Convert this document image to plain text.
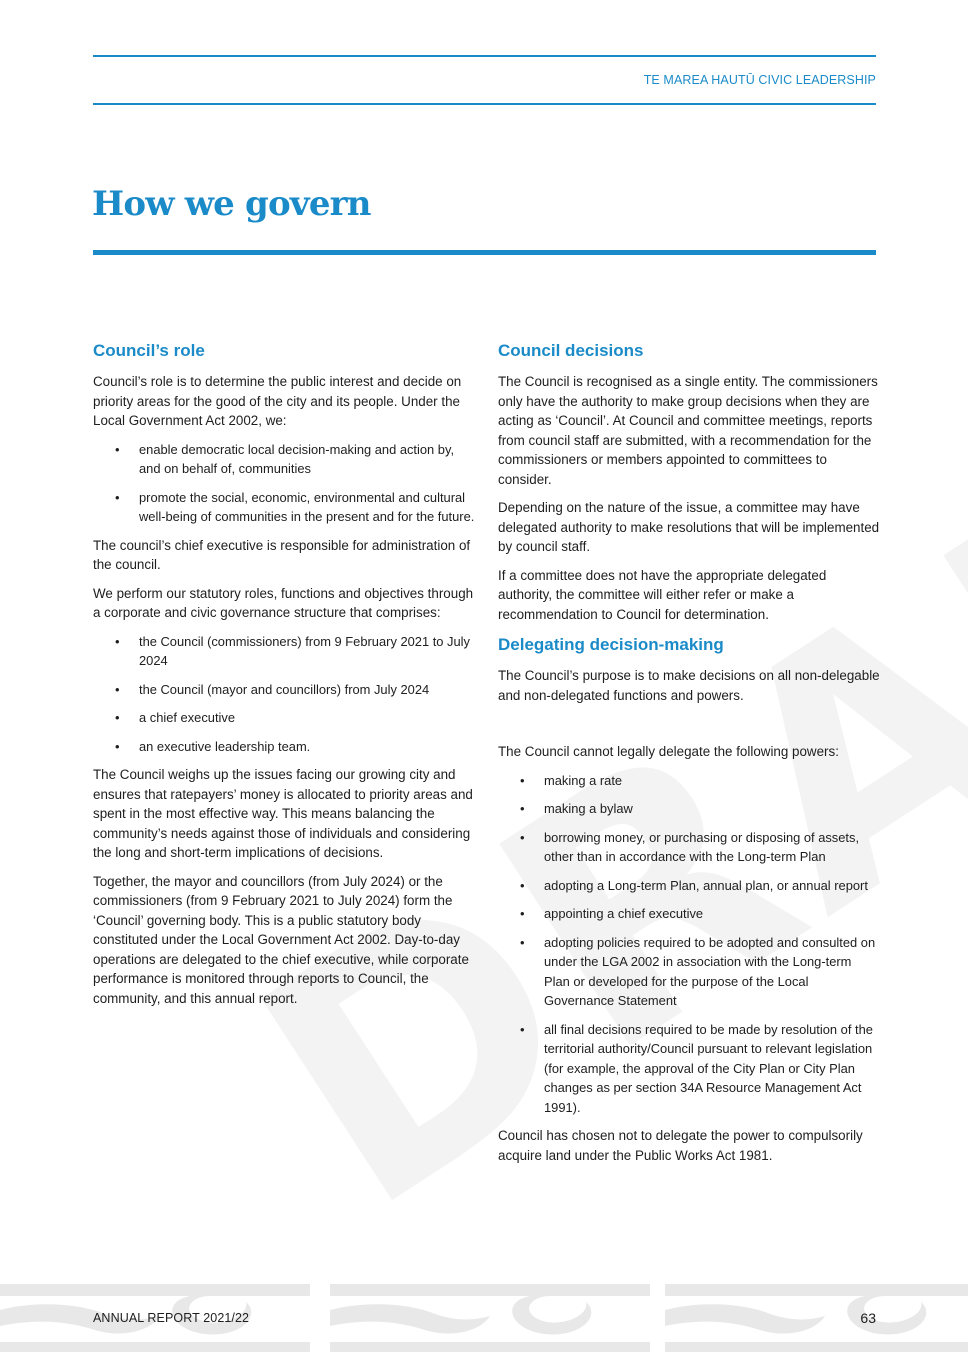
TE MAREA HAUTŪ CIVIC LEADERSHIP
How we govern
Council’s role

Council’s role is to determine the public interest and decide on priority areas for the good of the city and its people. Under the Local Government Act 2002, we:

• enable democratic local decision-making and action by, and on behalf of, communities
• promote the social, economic, environmental and cultural well-being of communities in the present and for the future.

The council’s chief executive is responsible for administration of the council.

We perform our statutory roles, functions and objectives through a corporate and civic governance structure that comprises:

• the Council (commissioners) from 9 February 2021 to July 2024
• the Council (mayor and councillors) from July 2024
• a chief executive
• an executive leadership team.

The Council weighs up the issues facing our growing city and ensures that ratepayers’ money is allocated to priority areas and spent in the most effective way. This means balancing the community’s needs against those of individuals and considering the long and short-term implications of decisions.

Together, the mayor and councillors (from July 2024) or the commissioners (from 9 February 2021 to July 2024) form the ‘Council’ governing body. This is a public statutory body constituted under the Local Government Act 2002. Day-to-day operations are delegated to the chief executive, while corporate performance is monitored through reports to Council, the community, and this annual report.

Council decisions

The Council is recognised as a single entity. The commissioners only have the authority to make group decisions when they are acting as ‘Council’. At Council and committee meetings, reports from council staff are submitted, with a recommendation for the commissioners or members appointed to committees to consider.

Depending on the nature of the issue, a committee may have delegated authority to make resolutions that will be implemented by council staff.

If a committee does not have the appropriate delegated authority, the committee will either refer or make a recommendation to Council for determination.

Delegating decision-making

The Council’s purpose is to make decisions on all non-delegable and non-delegated functions and powers.

The Council cannot legally delegate the following powers:

• making a rate
• making a bylaw
• borrowing money, or purchasing or disposing of assets, other than in accordance with the Long-term Plan
• adopting a Long-term Plan, annual plan, or annual report
• appointing a chief executive
• adopting policies required to be adopted and consulted on under the LGA 2002 in association with the Long-term Plan or developed for the purpose of the Local Governance Statement
• all final decisions required to be made by resolution of the territorial authority/Council pursuant to relevant legislation (for example, the approval of the City Plan or City Plan changes as per section 34A Resource Management Act 1991).

Council has chosen not to delegate the power to compulsorily acquire land under the Public Works Act 1981.

ANNUAL REPORT 2021/22	63
